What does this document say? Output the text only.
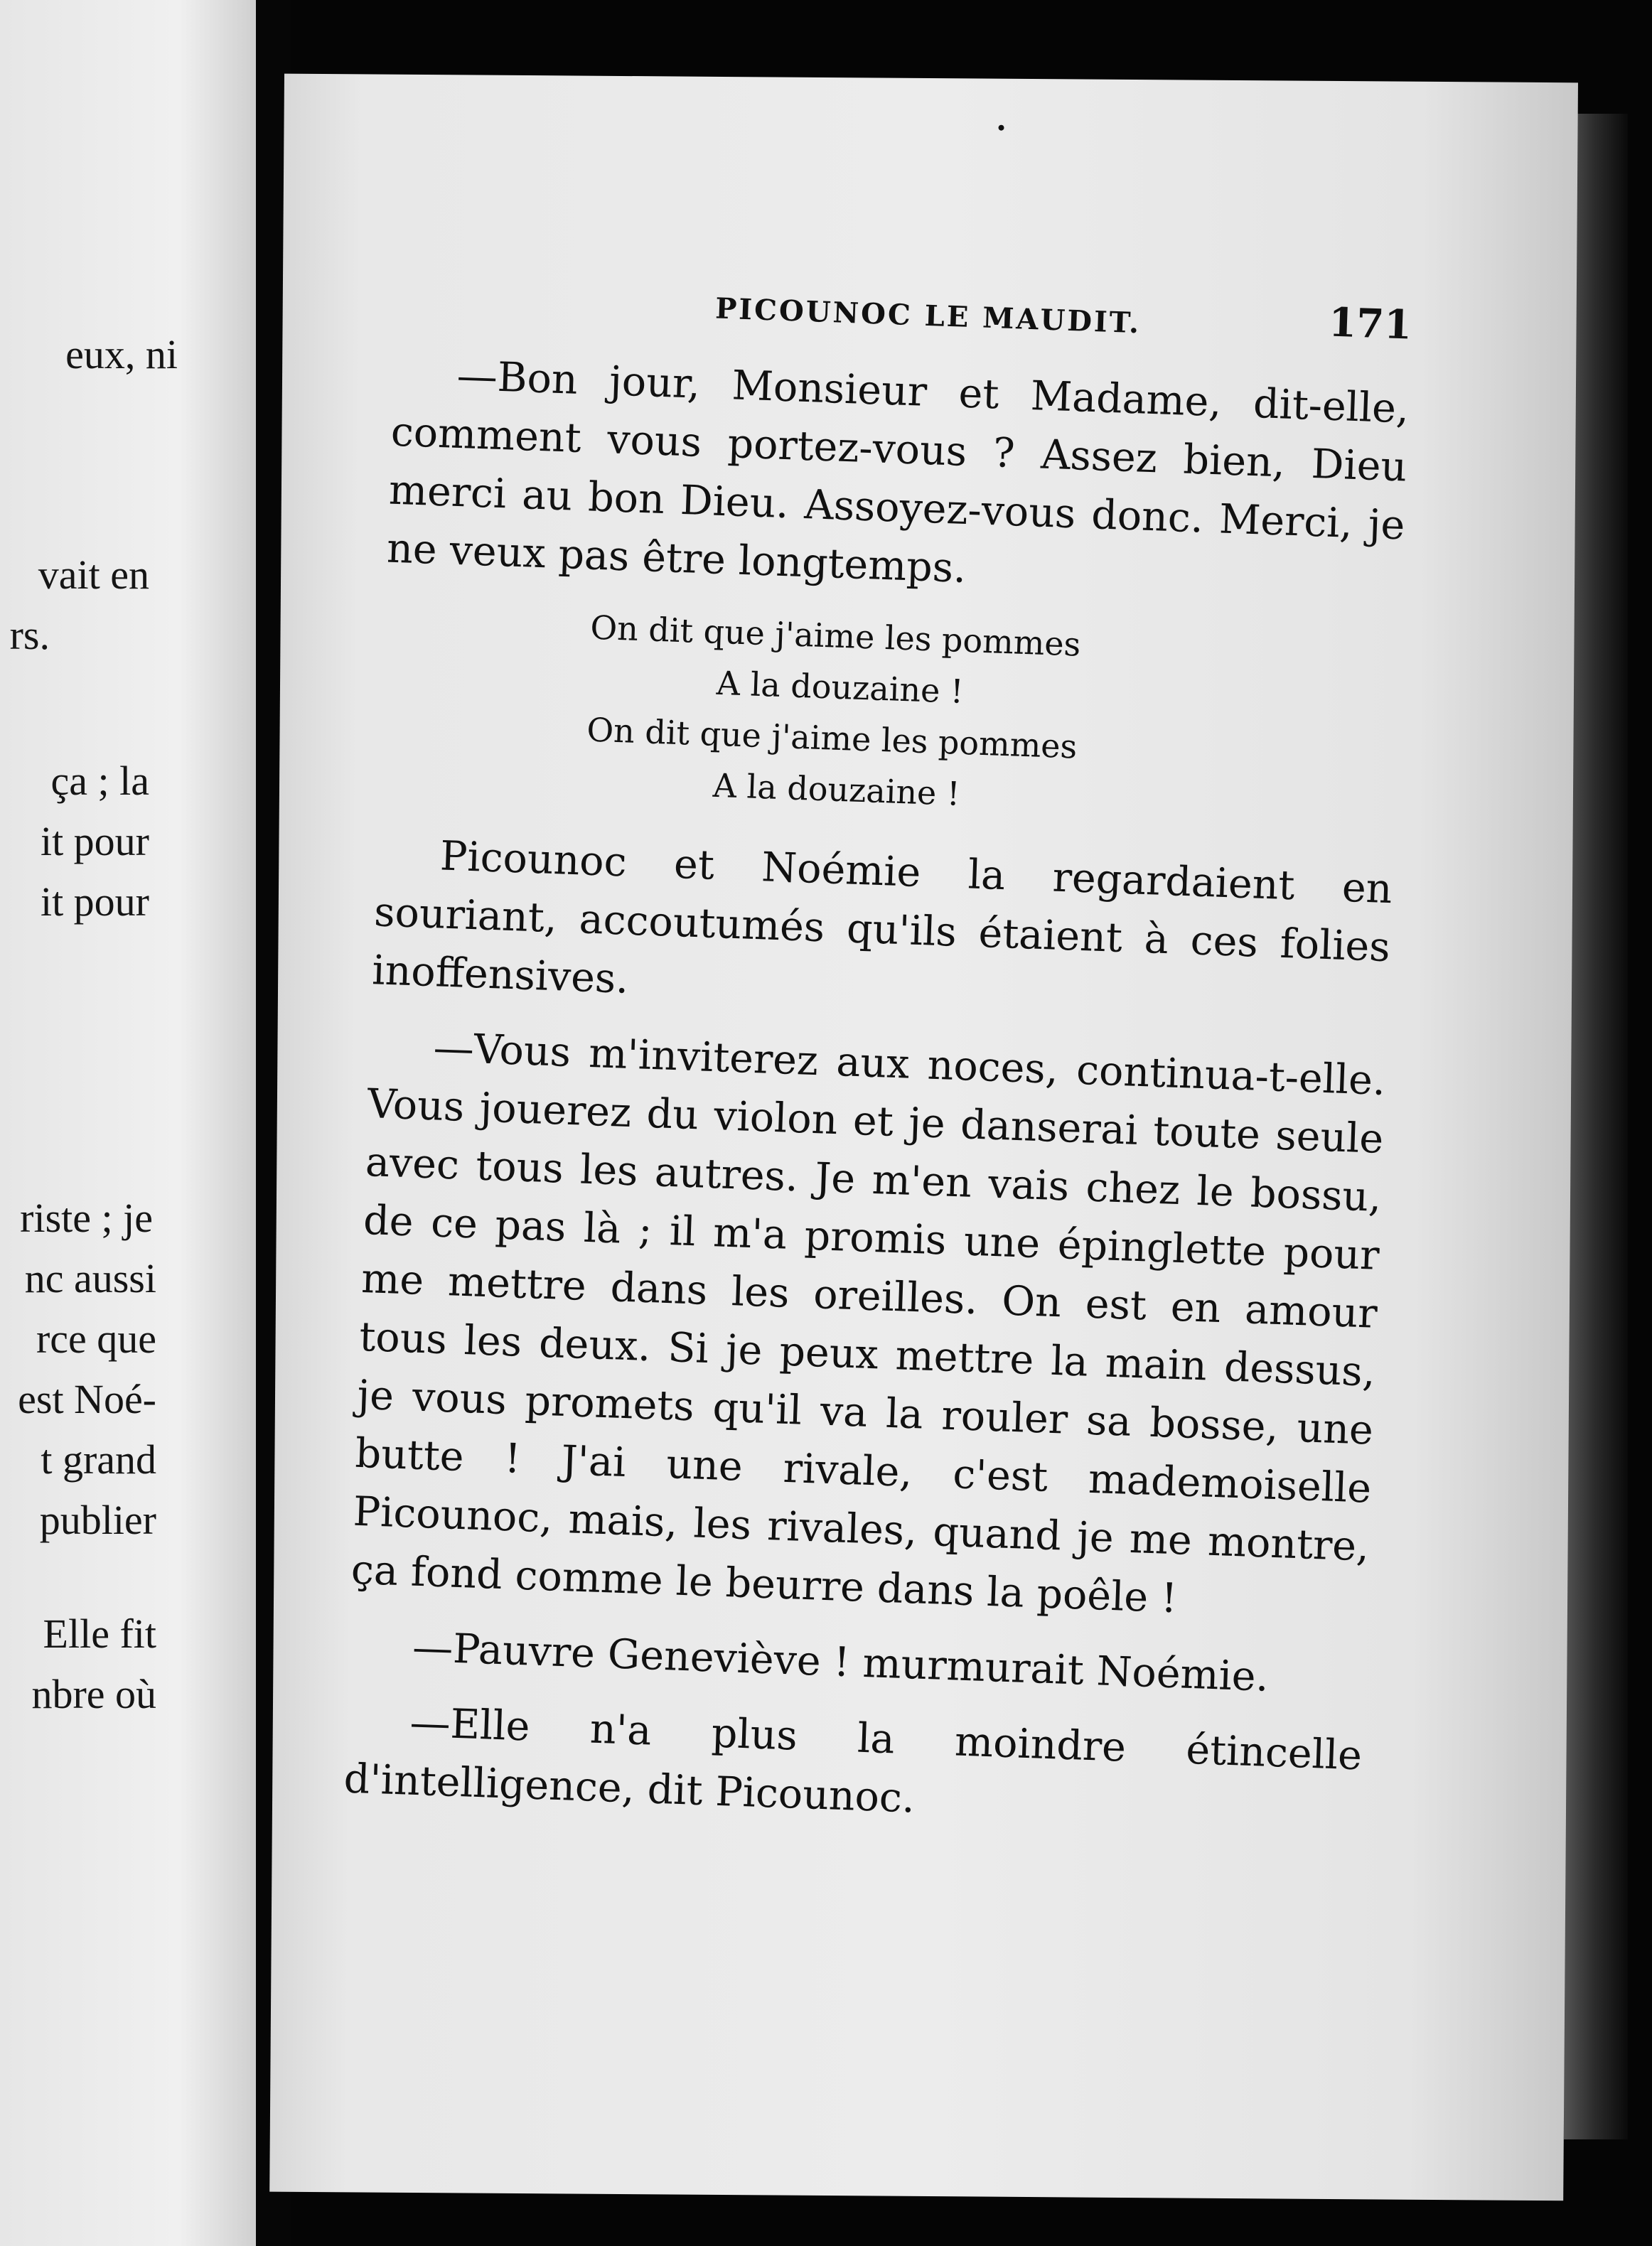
eux, ni
vait en
rs.
ça ; la
it pour
it pour
riste ; je
nc aussi
rce que
est Noé-
t grand
publier
Elle fit
nbre où
PICOUNOC LE MAUDIT.	171

—Bon jour, Monsieur et Madame, dit-elle, comment vous portez-vous ? Assez bien, Dieu merci au bon Dieu. Assoyez-vous donc. Merci, je ne veux pas être longtemps.

On dit que j'aime les pommes
A la douzaine !
On dit que j'aime les pommes
A la douzaine !

Picounoc et Noémie la regardaient en souriant, accoutumés qu'ils étaient à ces folies inoffensives.

—Vous m'inviterez aux noces, continua-t-elle. Vous jouerez du violon et je danserai toute seule avec tous les autres. Je m'en vais chez le bossu, de ce pas là ; il m'a promis une épinglette pour me mettre dans les oreilles. On est en amour tous les deux. Si je peux mettre la main dessus, je vous promets qu'il va la rouler sa bosse, une butte ! J'ai une rivale, c'est mademoiselle Picounoc, mais, les rivales, quand je me montre, ça fond comme le beurre dans la poêle !

—Pauvre Geneviève ! murmurait Noémie.

—Elle n'a plus la moindre étincelle d'intelligence, dit Picounoc.
